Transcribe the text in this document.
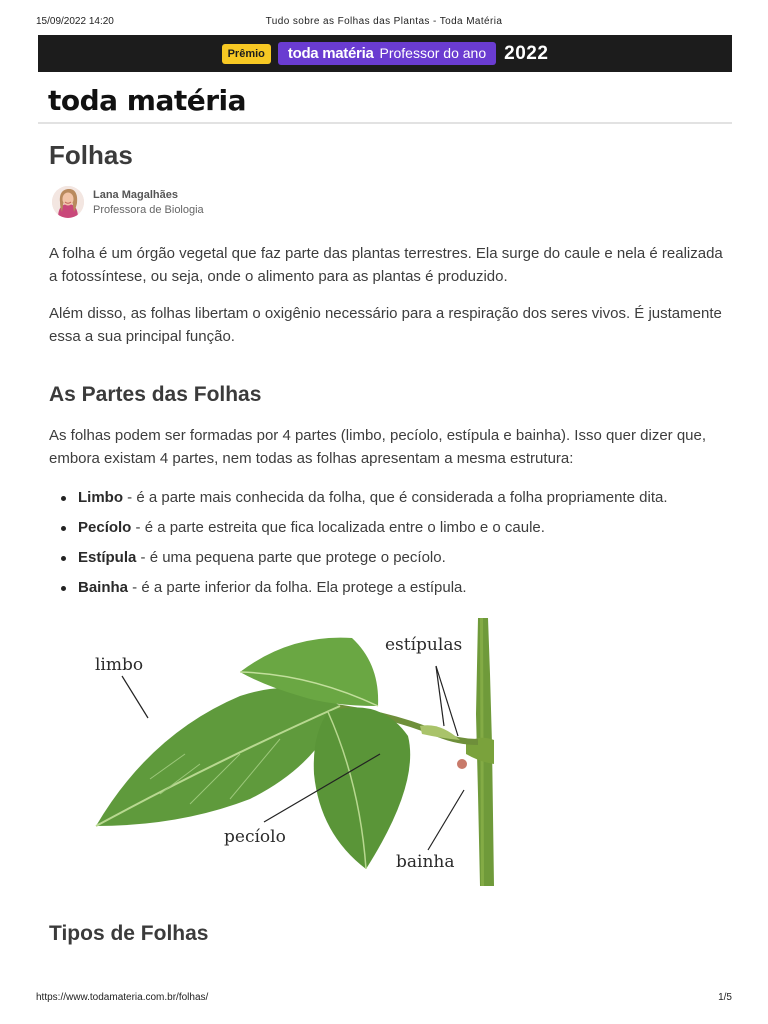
15/09/2022 14:20	Tudo sobre as Folhas das Plantas - Toda Matéria
Prêmio	toda matéria Professor do ano 2022
toda matéria
Folhas
Lana Magalhães
Professora de Biologia

A folha é um órgão vegetal que faz parte das plantas terrestres. Ela surge do caule e nela é realizada a fotossíntese, ou seja, onde o alimento para as plantas é produzido.

Além disso, as folhas libertam o oxigênio necessário para a respiração dos seres vivos. É justamente essa a sua principal função.

As Partes das Folhas

As folhas podem ser formadas por 4 partes (limbo, pecíolo, estípula e bainha). Isso quer dizer que, embora existam 4 partes, nem todas as folhas apresentam a mesma estrutura:

Limbo - é a parte mais conhecida da folha, que é considerada a folha propriamente dita.
Pecíolo - é a parte estreita que fica localizada entre o limbo e o caule.
Estípula - é uma pequena parte que protege o pecíolo.
Bainha - é a parte inferior da folha. Ela protege a estípula.
limbo
estípulas
pecíolo
bainha
Tipos de Folhas
https://www.todamateria.com.br/folhas/	1/5
